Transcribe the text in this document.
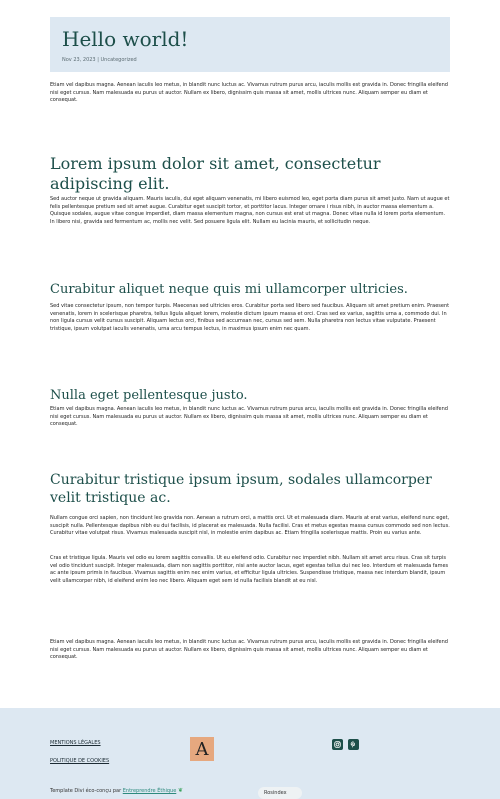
Hello world!
Nov 23, 2023 | Uncategorized

Etiam vel dapibus magna. Aenean iaculis leo metus, in blandit nunc luctus ac. Vivamus rutrum purus arcu, iaculis mollis est gravida in. Donec fringilla eleifend nisi eget cursus. Nam malesuada eu purus ut auctor. Nullam ex libero, dignissim quis massa sit amet, mollis ultrices nunc. Aliquam semper eu diam et consequat.

Lorem ipsum dolor sit amet, consectetur adipiscing elit.

Sed auctor neque ut gravida aliquam. Mauris iaculis, dui eget aliquam venenatis, mi libero euismod leo, eget porta diam purus sit amet justo. Nam ut augue et felis pellentesque pretium sed sit amet augue. Curabitur eget suscipit tortor, et porttitor lacus. Integer ornare i risus nibh, in auctor massa elementum a. Quisque sodales, augue vitae congue imperdiet, diam massa elementum magna, non cursus est erat ut magna. Donec vitae nulla id lorem porta elementum. In libero nisi, gravida sed fermentum ac, mollis nec velit. Sed posuere ligula elit. Nullam eu lacinia mauris, et sollicitudin neque.

Curabitur aliquet neque quis mi ullamcorper ultricies.

Sed vitae consectetur ipsum, non tempor turpis. Maecenas sed ultricies eros. Curabitur porta sed libero sed faucibus. Aliquam sit amet pretium enim. Praesent venenatis, lorem in scelerisque pharetra, tellus ligula aliquet lorem, molestie dictum ipsum massa et orci. Cras sed ex varius, sagittis urna a, commodo dui. In non ligula cursus velit cursus suscipit. Aliquam lectus orci, finibus sed accumsan nec, cursus sed sem. Nulla pharetra non lectus vitae vulputate. Praesent tristique, ipsum volutpat iaculis venenatis, urna arcu tempus lectus, in maximus ipsum enim nec quam.

Nulla eget pellentesque justo.

Etiam vel dapibus magna. Aenean iaculis leo metus, in blandit nunc luctus ac. Vivamus rutrum purus arcu, iaculis mollis est gravida in. Donec fringilla eleifend nisi eget cursus. Nam malesuada eu purus ut auctor. Nullam ex libero, dignissim quis massa sit amet, mollis ultrices nunc. Aliquam semper eu diam et consequat.

Curabitur tristique ipsum ipsum, sodales ullamcorper velit tristique ac.

Nullam congue orci sapien, non tincidunt leo gravida non. Aenean a rutrum orci, a mattis orci. Ut et malesuada diam. Mauris at erat varius, eleifend nunc eget, suscipit nulla. Pellentesque dapibus nibh eu dui facilisis, id placerat ex malesuada. Nulla facilisi. Cras et metus egestas massa cursus commodo sed non lectus. Curabitur vitae volutpat risus. Vivamus malesuada suscipit nisl, in molestie enim dapibus ac. Etiam fringilla scelerisque mattis. Proin eu varius ante.

Cras et tristique ligula. Mauris vel odio eu lorem sagittis convallis. Ut eu eleifend odio. Curabitur nec imperdiet nibh. Nullam sit amet arcu risus. Cras sit turpis vel odio tincidunt suscipit. Integer malesuada, diam non sagittis porttitor, nisi ante auctor lacus, eget egestas tellus dui nec leo. Interdum et malesuada fames ac ante ipsum primis in faucibus. Vivamus sagittis enim nec enim varius, et efficitur ligula ultricies. Suspendisse tristique, massa nec interdum blandit, ipsum velit ullamcorper nibh, id eleifend enim leo nec libero. Aliquam eget sem id nulla facilisis blandit at eu nisl.

Etiam vel dapibus magna. Aenean iaculis leo metus, in blandit nunc luctus ac. Vivamus rutrum purus arcu, iaculis mollis est gravida in. Donec fringilla eleifend nisi eget cursus. Nam malesuada eu purus ut auctor. Nullam ex libero, dignissim quis massa sit amet, mollis ultrices nunc. Aliquam semper eu diam et consequat.

MENTIONS LÉGALES
POLITIQUE DE COOKIES
A
Template Divi éco-conçu par Entreprendre Éthique ❦	Rosindex
